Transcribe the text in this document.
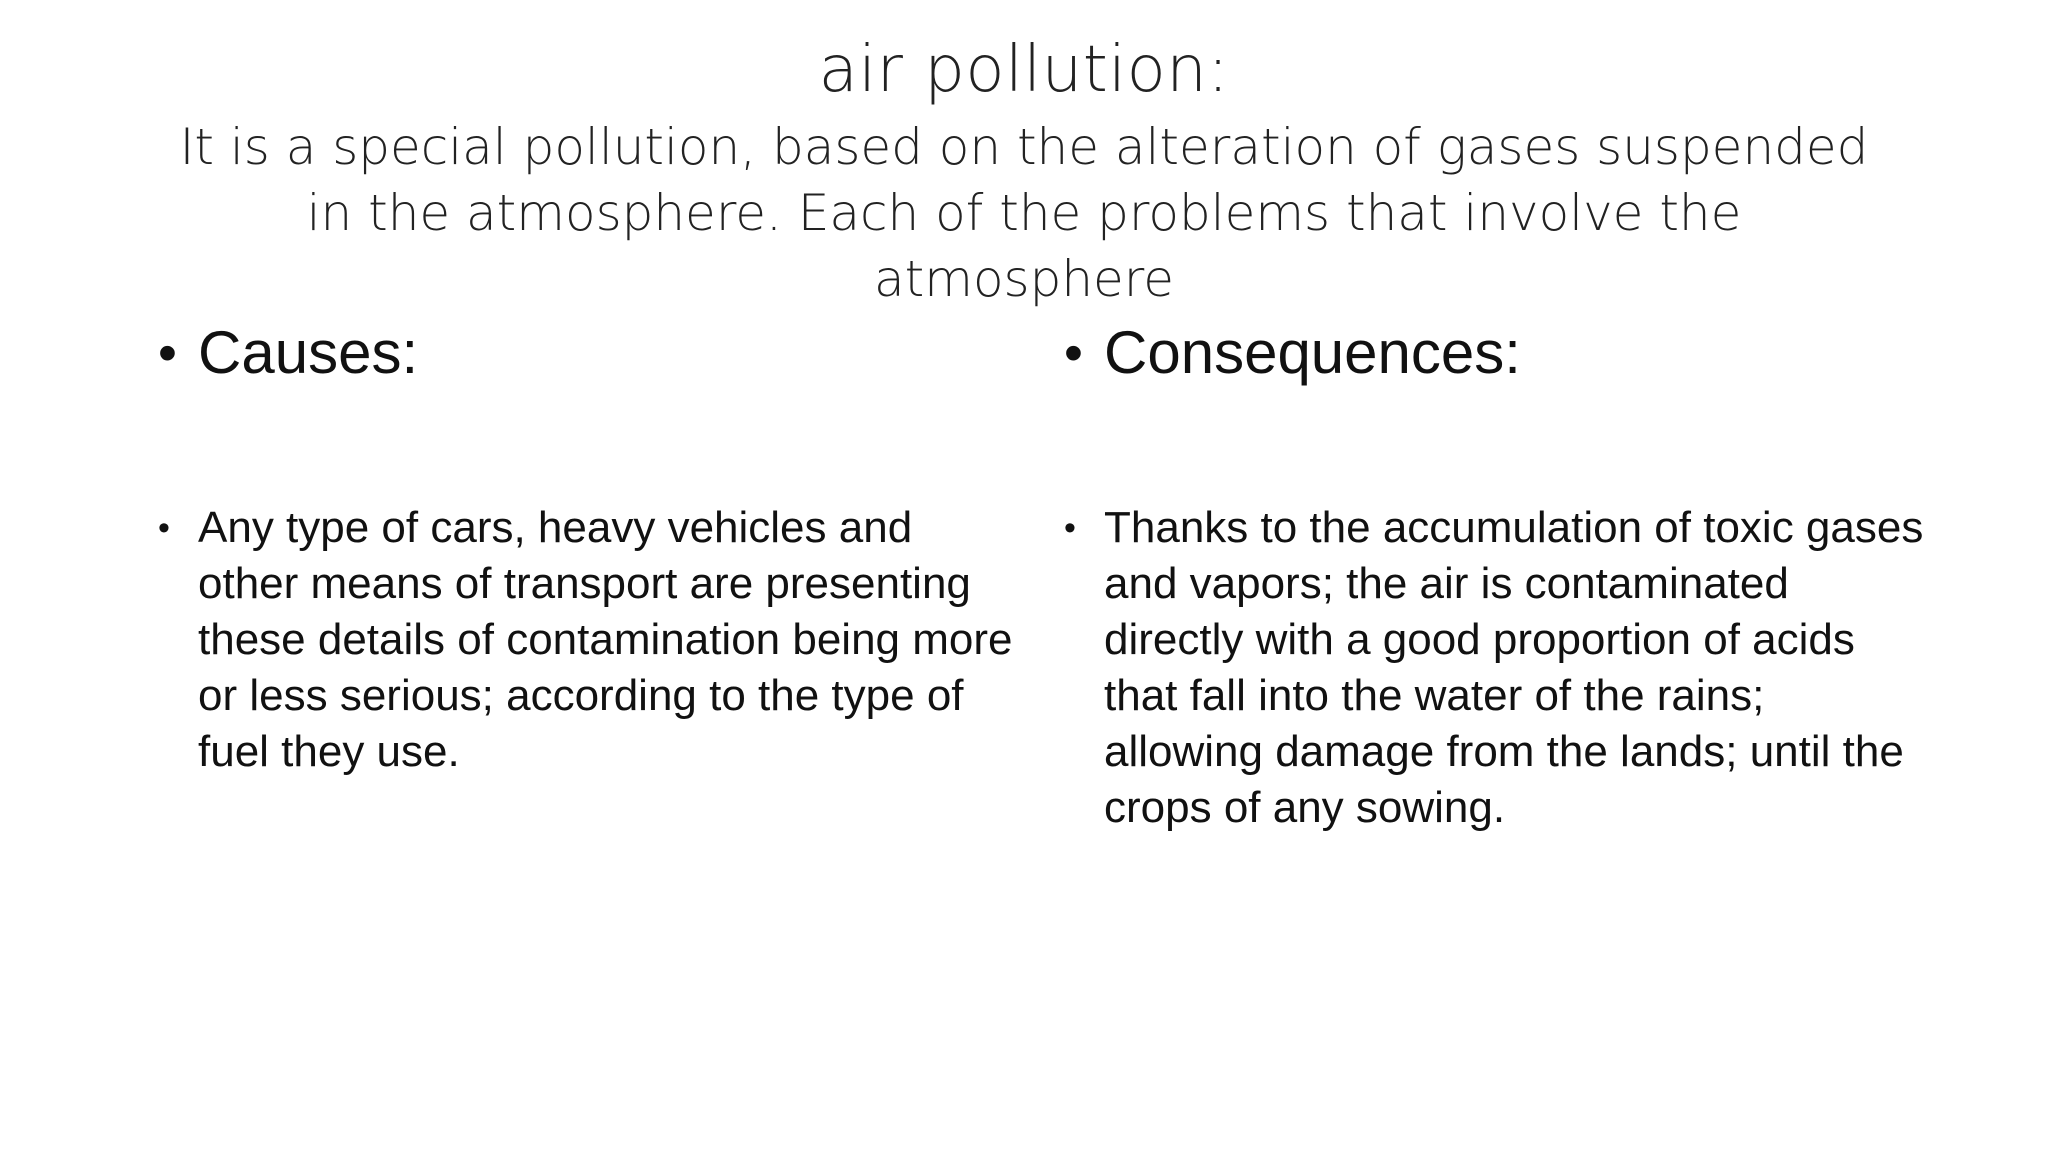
air pollution:
It is a special pollution, based on the alteration of gases suspended in the atmosphere. Each of the problems that involve the atmosphere
• Causes:
• Any type of cars, heavy vehicles and other means of transport are presenting these details of contamination being more or less serious; according to the type of fuel they use.
• Consequences:
• Thanks to the accumulation of toxic gases and vapors; the air is contaminated directly with a good proportion of acids that fall into the water of the rains; allowing damage from the lands; until the crops of any sowing.
